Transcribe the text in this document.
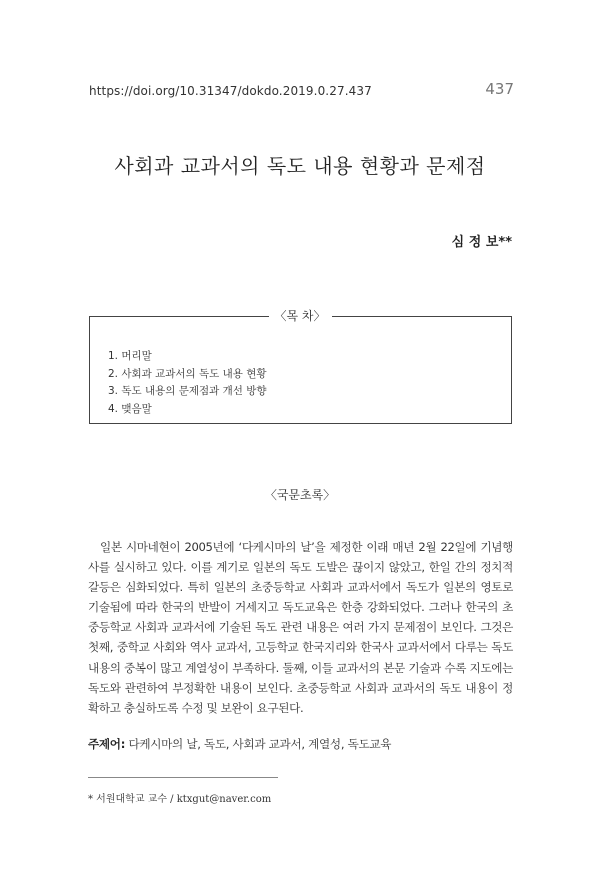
https://doi.org/10.31347/dokdo.2019.0.27.437	437
사회과 교과서의 독도 내용 현황과 문제점
심 정 보**
〈목 차〉
1. 머리말
2. 사회과 교과서의 독도 내용 현황
3. 독도 내용의 문제점과 개선 방향
4. 맺음말
〈국문초록〉

일본 시마네현이 2005년에 ‘다케시마의 날’을 제정한 이래 매년 2월 22일에 기념행사를 실시하고 있다. 이를 계기로 일본의 독도 도발은 끊이지 않았고, 한일 간의 정치적 갈등은 심화되었다. 특히 일본의 초중등학교 사회과 교과서에서 독도가 일본의 영토로 기술됨에 따라 한국의 반발이 거세지고 독도교육은 한층 강화되었다. 그러나 한국의 초중등학교 사회과 교과서에 기술된 독도 관련 내용은 여러 가지 문제점이 보인다. 그것은 첫째, 중학교 사회와 역사 교과서, 고등학교 한국지리와 한국사 교과서에서 다루는 독도 내용의 중복이 많고 계열성이 부족하다. 둘째, 이들 교과서의 본문 기술과 수록 지도에는 독도와 관련하여 부정확한 내용이 보인다. 초중등학교 사회과 교과서의 독도 내용이 정확하고 충실하도록 수정 및 보완이 요구된다.

주제어: 다케시마의 날, 독도, 사회과 교과서, 계열성, 독도교육
* 서원대학교 교수 / ktxgut@naver.com
